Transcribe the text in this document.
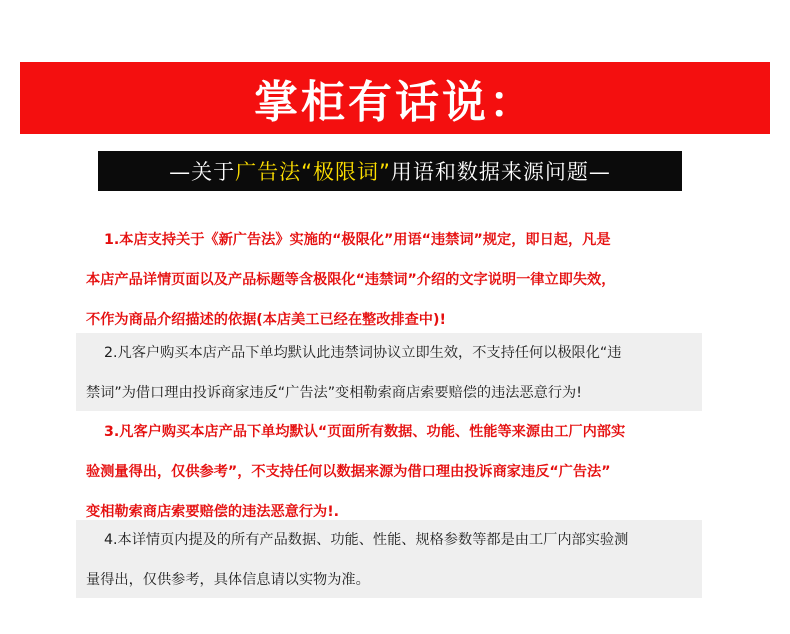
掌柜有话说：
—关于 广告法“极限词” 用语和数据来源问题—
1.本店支持关于《新广告法》实施的“极限化”用语“违禁词”规定，即日起，凡是
本店产品详情页面以及产品标题等含极限化“违禁词”介绍的文字说明一律立即失效，
不作为商品介绍描述的依据(本店美工已经在整改排查中)!
2.凡客户购买本店产品下单均默认此违禁词协议立即生效，不支持任何以极限化“违
禁词”为借口理由投诉商家违反“广告法”变相勒索商店索要赔偿的违法恶意行为!
3.凡客户购买本店产品下单均默认“页面所有数据、功能、性能等来源由工厂内部实
验测量得出，仅供参考”，不支持任何以数据来源为借口理由投诉商家违反“广告法”
变相勒索商店索要赔偿的违法恶意行为!.
4.本详情页内提及的所有产品数据、功能、性能、规格参数等都是由工厂内部实验测
量得出，仅供参考，具体信息请以实物为准。
